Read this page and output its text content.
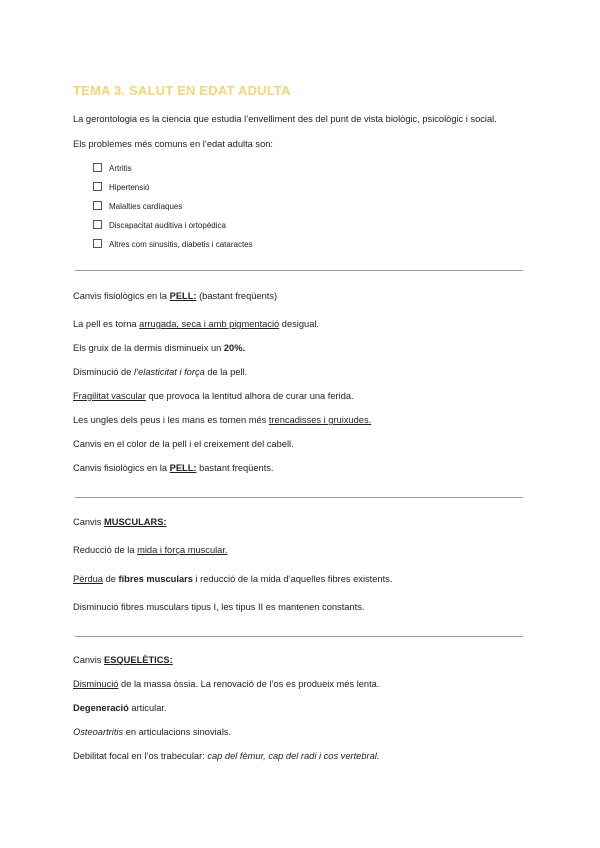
TEMA 3. SALUT EN EDAT ADULTA
La gerontologia es la ciencia que estudia l’envelliment des del punt de vista biològic, psicològic i social.
Els problemes més comuns en l’edat adulta son:
Artritis
Hipertensió
Malalties cardíaques
Discapacitat auditiva i ortopèdica
Altres com sinusitis, diabetis i cataractes
Canvis fisiològics en la PELL: (bastant freqüents)
La pell es torna arrugada, seca i amb pigmentació desigual.
Els gruix de la dermis disminueix un 20%.
Disminució de l’elasticitat i força de la pell.
Fragilitat vascular que provoca la lentitud alhora de curar una ferida.
Les ungles dels peus i les mans es tornen més trencadisses i gruixudes.
Canvis en el color de la pell i el creixement del cabell.
Canvis fisiològics en la PELL: bastant freqüents.
Canvis MUSCULARS:
Reducció de la mida i força muscular.
Pèrdua de fibres musculars i reducció de la mida d’aquelles fibres existents.
Disminució fibres musculars tipus I, les tipus II es mantenen constants.
Canvis ESQUELÈTICS:
Disminució de la massa òssia. La renovació de l’os es produeix més lenta.
Degeneració articular.
Osteoartritis en articulacions sinovials.
Debilitat focal en l’os trabecular: cap del fèmur, cap del radi i cos vertebral.
